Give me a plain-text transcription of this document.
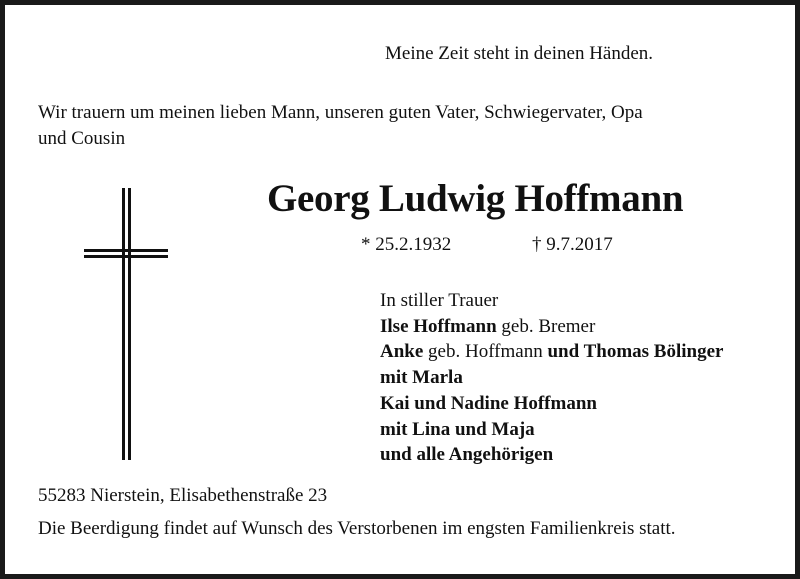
Meine Zeit steht in deinen Händen.
Wir trauern um meinen lieben Mann, unseren guten Vater, Schwiegervater, Opa
und Cousin
Georg Ludwig Hoffmann
* 25.2.1932	† 9.7.2017
In stiller Trauer
Ilse Hoffmann geb. Bremer
Anke geb. Hoffmann und Thomas Bölinger
mit Marla
Kai und Nadine Hoffmann
mit Lina und Maja
und alle Angehörigen
55283 Nierstein, Elisabethenstraße 23
Die Beerdigung findet auf Wunsch des Verstorbenen im engsten Familienkreis statt.
